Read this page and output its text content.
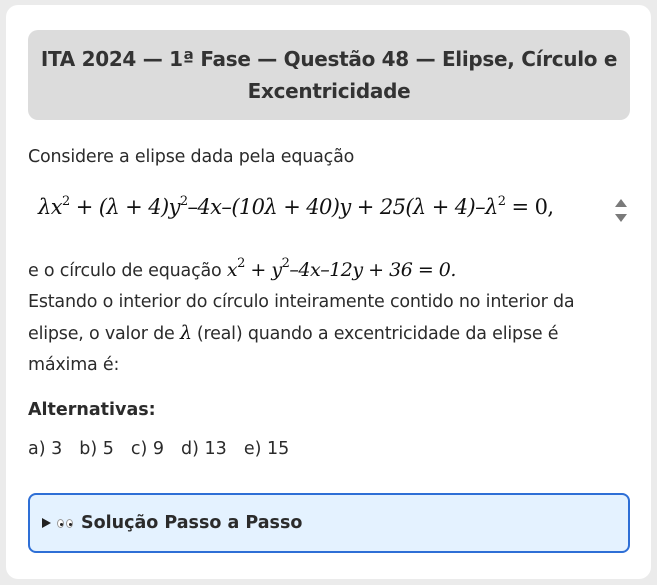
ITA 2024 — 1ª Fase — Questão 48 — Elipse, Círculo e Excentricidade
Considere a elipse dada pela equação
$\lambda x^2 + (\lambda + 4)y^2-4x-(10\lambda + 40)y + 25(\lambda + 4)-\lambda^2 = 0$,
e o círculo de equação $x^2 + y^2-4x-12y + 36 = 0$.
Estando o interior do círculo inteiramente contido no interior da elipse, o valor de λ (real) quando a excentricidade da elipse é máxima é:
Alternativas:
a) 3 b) 5 c) 9 d) 13 e) 15
Solução Passo a Passo
